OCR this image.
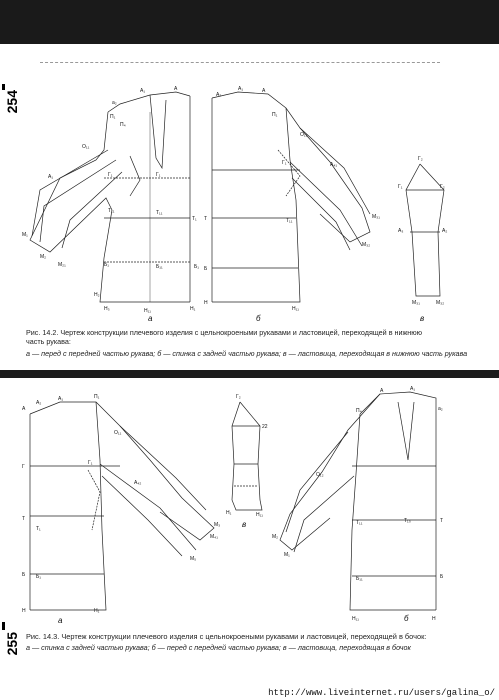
254	a₂
A₁	A
П₁
П₄
O₁₁
A₁
M₁
M₂
M₂₁
Г₁	Г₁
Т₁₁	Т₁₁
Т₁
Б₁	Б₁₁	Б₁
Н₂
Н₃	Н₁₁	Н₁
A₂
A₁	A
П₁
O₁₂
Г₁	A₄₁
M₃₁
M₃₂
Т
Б
Н
Т₁₁
Н₁₁
Г₂
Г₁	Г₂
A₃	A₂
M₃₁	M₃₂
а	б	в
Рис. 14.2. Чертеж конструкции плечевого изделия с цельнокроеными рукавами и ластовицей, переходящей в нижнюю
часть рукава:
а — перед с передней частью рукава; б — спинка с задней частью рукава; в — ластовица, переходящая в нижнюю часть рукава
A
A₂
A₁	П₁
O₁₁
Г₁
A₄₂
M₃
M₄₁
M₅
Г
Т
Б
Н	Н₁
Т₁
Б₁
Г₂
22
Н₁	Н₁₁
П₄
A	A₁
a₂
O₁₂
M₂
M₁
Т₁₁	Т₁₀	Т
Б₁₁	Б
Н₁₁	Н
а	б
в
Рис. 14.3. Чертеж конструкции плечевого изделия с цельнокроеными рукавами и ластовицей, переходящей в бочок:
а — спинка с задней частью рукава; б — перед с передней частью рукава; в — ластовица, переходящая в бочок
255
http://www.liveinternet.ru/users/galina_o/
